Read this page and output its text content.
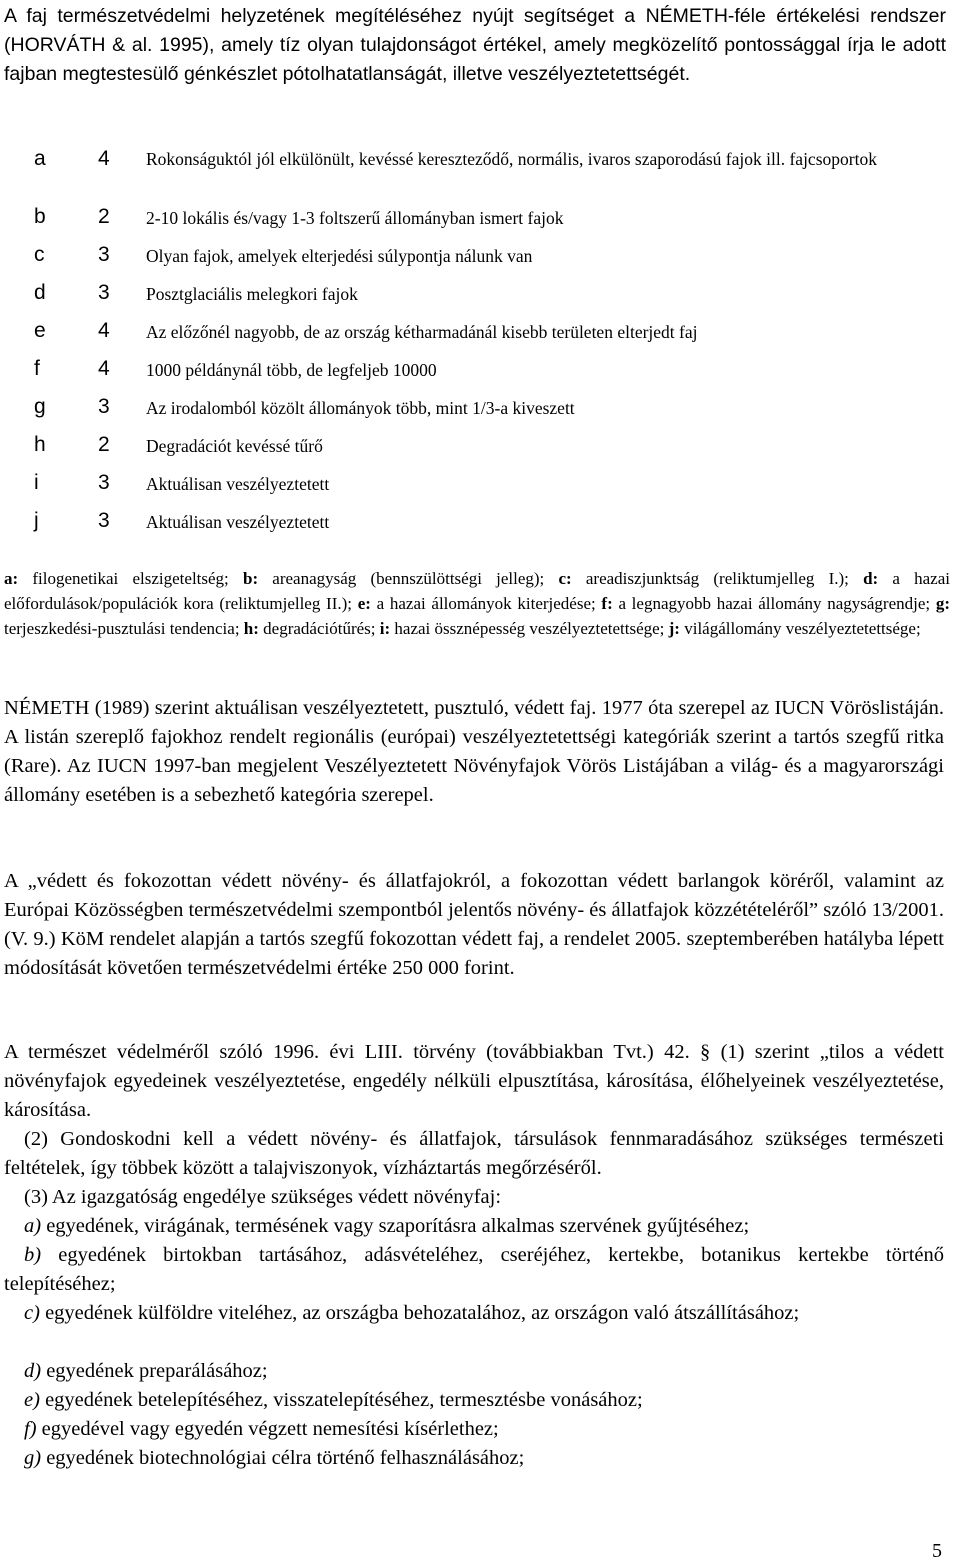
A faj természetvédelmi helyzetének megítéléséhez nyújt segítséget a NÉMETH-féle értékelési rendszer (HORVÁTH & al. 1995), amely tíz olyan tulajdonságot értékel, amely megközelítő pontossággal írja le adott fajban megtestesülő génkészlet pótolhatatlanságát, illetve veszélyeztetettségét.

a 4 Rokonságuktól jól elkülönült, kevéssé kereszteződő, normális, ivaros szaporodású fajok ill. fajcsoportok
b 2 2-10 lokális és/vagy 1-3 foltszerű állományban ismert fajok
c	3 Olyan fajok, amelyek elterjedési súlypontja nálunk van
d 3 Posztglaciális melegkori fajok
e 4 Az előzőnél nagyobb, de az ország kétharmadánál kisebb területen elterjedt faj
f	4 1000 példánynál több, de legfeljeb 10000
g 3 Az irodalomból közölt állományok több, mint 1/3-a kiveszett
h 2 Degradációt kevéssé tűrő
i	3 Aktuálisan veszélyeztetett
j	3 Aktuálisan veszélyeztetett

a: filogenetikai elszigeteltség; b: areanagyság (bennszülöttségi jelleg); c: areadiszjunktság (reliktumjelleg I.); d: a hazai előfordulások/populációk kora (reliktumjelleg II.); e: a hazai állományok kiterjedése; f: a legnagyobb hazai állomány nagyságrendje; g: terjeszkedési-pusztulási tendencia; h: degradációtűrés; i: hazai össznépesség veszélyeztetettsége; j: világállomány veszélyeztetettsége;

NÉMETH (1989) szerint aktuálisan veszélyeztetett, pusztuló, védett faj. 1977 óta szerepel az IUCN Vöröslistáján. A listán szereplő fajokhoz rendelt regionális (európai) veszélyeztetettségi kategóriák szerint a tartós szegfű ritka (Rare). Az IUCN 1997-ban megjelent Veszélyeztetett Növényfajok Vörös Listájában a világ- és a magyarországi állomány esetében is a sebezhető kategória szerepel.

A „védett és fokozottan védett növény- és állatfajokról, a fokozottan védett barlangok köréről, valamint az Európai Közösségben természetvédelmi szempontból jelentős növény- és állatfajok közzétételéről” szóló 13/2001. (V. 9.) KöM rendelet alapján a tartós szegfű fokozottan védett faj, a rendelet 2005. szeptemberében hatályba lépett módosítását követően természetvédelmi értéke 250 000 forint.

A természet védelméről szóló 1996. évi LIII. törvény (továbbiakban Tvt.) 42. § (1) szerint „tilos a védett növényfajok egyedeinek veszélyeztetése, engedély nélküli elpusztítása, károsítása, élőhelyeinek veszélyeztetése, károsítása.

(2) Gondoskodni kell a védett növény- és állatfajok, társulások fennmaradásához szükséges természeti feltételek, így többek között a talajviszonyok, vízháztartás megőrzéséről.

(3) Az igazgatóság engedélye szükséges védett növényfaj:

a) egyedének, virágának, termésének vagy szaporításra alkalmas szervének gyűjtéséhez;

b) egyedének birtokban tartásához, adásvételéhez, cseréjéhez, kertekbe, botanikus kertekbe történő telepítéséhez;

c) egyedének külföldre viteléhez, az országba behozatalához, az országon való átszállításához;

d) egyedének preparálásához;

e) egyedének betelepítéséhez, visszatelepítéséhez, termesztésbe vonásához;

f) egyedével vagy egyedén végzett nemesítési kísérlethez;

g) egyedének biotechnológiai célra történő felhasználásához;

5
